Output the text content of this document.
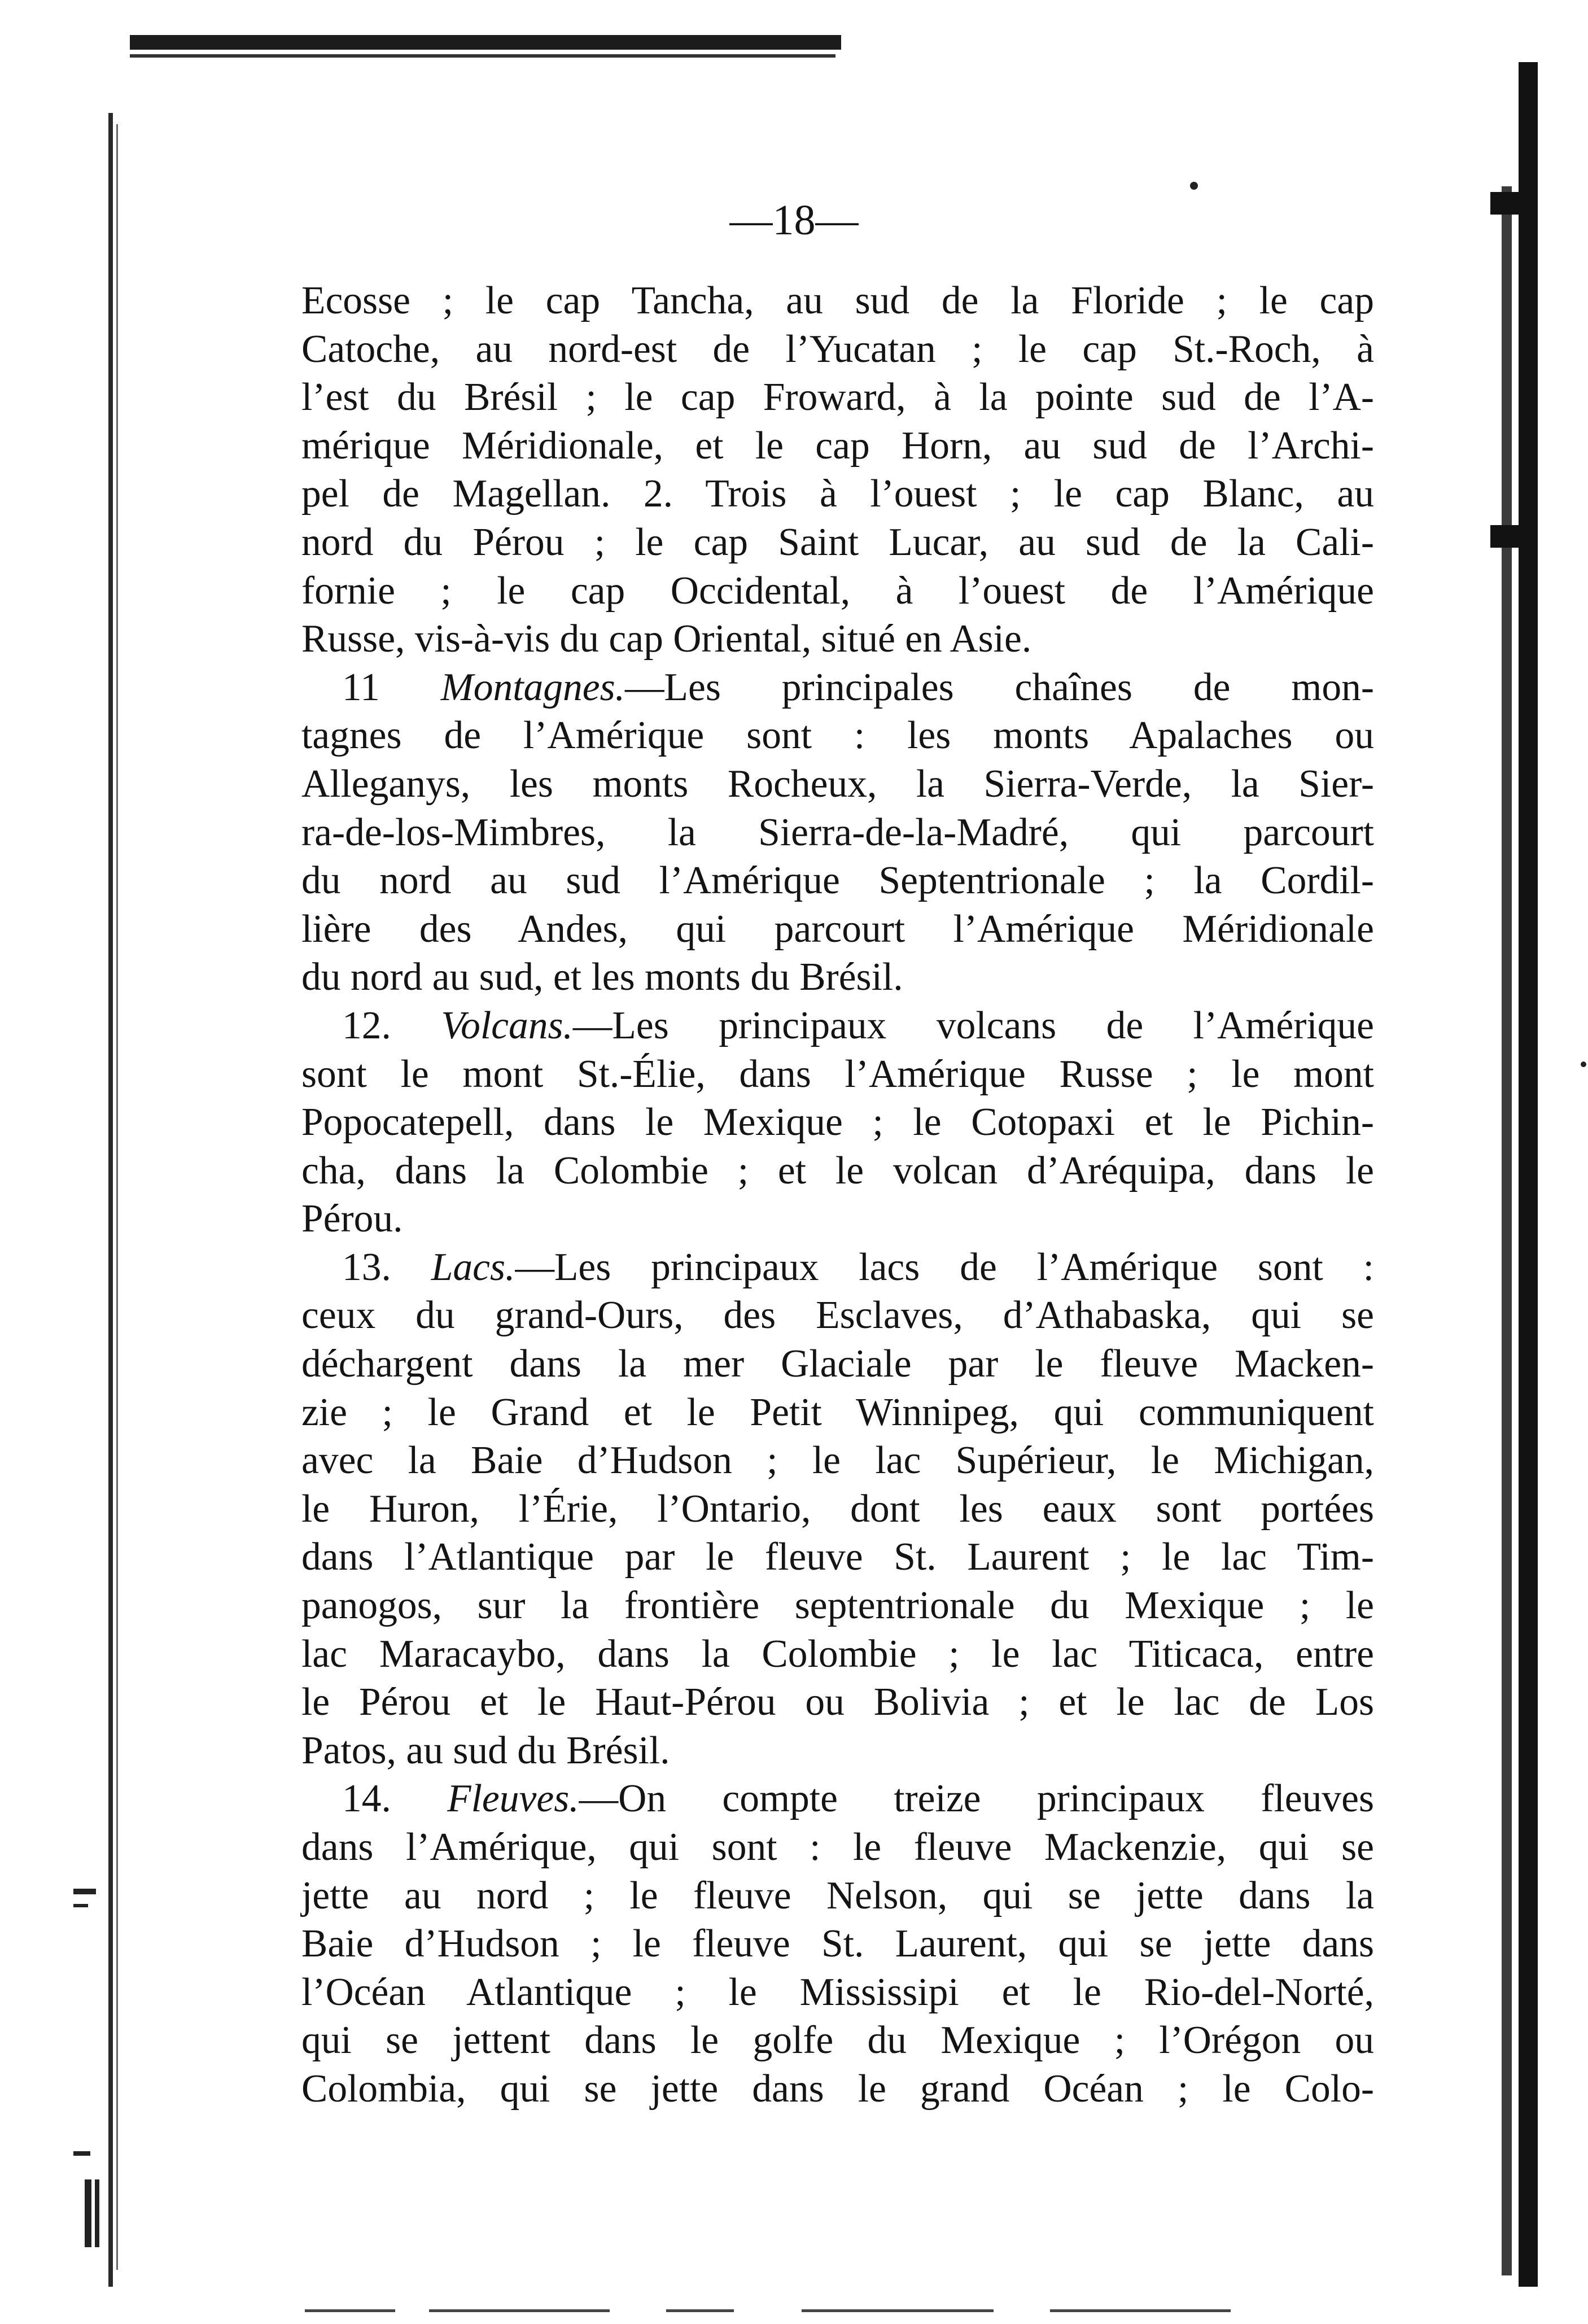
—18—

Ecosse ; le cap Tancha, au sud de la Floride ; le cap
Catoche, au nord-est de l’Yucatan ; le cap St.-Roch, à
l’est du Brésil ; le cap Froward, à la pointe sud de l’A-
mérique Méridionale, et le cap Horn, au sud de l’Archi-
pel de Magellan. 2. Trois à l’ouest ; le cap Blanc, au
nord du Pérou ; le cap Saint Lucar, au sud de la Cali-
fornie ; le cap Occidental, à l’ouest de l’Amérique
Russe, vis-à-vis du cap Oriental, situé en Asie.

11 Montagnes.—Les principales chaînes de mon-
tagnes de l’Amérique sont : les monts Apalaches ou
Alleganys, les monts Rocheux, la Sierra-Verde, la Sier-
ra-de-los-Mimbres, la Sierra-de-la-Madré, qui parcourt
du nord au sud l’Amérique Septentrionale ; la Cordil-
lière des Andes, qui parcourt l’Amérique Méridionale
du nord au sud, et les monts du Brésil.

12. Volcans.—Les principaux volcans de l’Amérique
sont le mont St.-Élie, dans l’Amérique Russe ; le mont
Popocatepell, dans le Mexique ; le Cotopaxi et le Pichin-
cha, dans la Colombie ; et le volcan d’Aréquipa, dans le
Pérou.

13. Lacs.—Les principaux lacs de l’Amérique sont :
ceux du grand-Ours, des Esclaves, d’Athabaska, qui se
déchargent dans la mer Glaciale par le fleuve Macken-
zie ; le Grand et le Petit Winnipeg, qui communiquent
avec la Baie d’Hudson ; le lac Supérieur, le Michigan,
le Huron, l’Érie, l’Ontario, dont les eaux sont portées
dans l’Atlantique par le fleuve St. Laurent ; le lac Tim-
panogos, sur la frontière septentrionale du Mexique ; le
lac Maracaybo, dans la Colombie ; le lac Titicaca, entre
le Pérou et le Haut-Pérou ou Bolivia ; et le lac de Los
Patos, au sud du Brésil.

14. Fleuves.—On compte treize principaux fleuves
dans l’Amérique, qui sont : le fleuve Mackenzie, qui se
jette au nord ; le fleuve Nelson, qui se jette dans la
Baie d’Hudson ; le fleuve St. Laurent, qui se jette dans
l’Océan Atlantique ; le Mississipi et le Rio-del-Norté,
qui se jettent dans le golfe du Mexique ; l’Orégon ou
Colombia, qui se jette dans le grand Océan ; le Colo-
